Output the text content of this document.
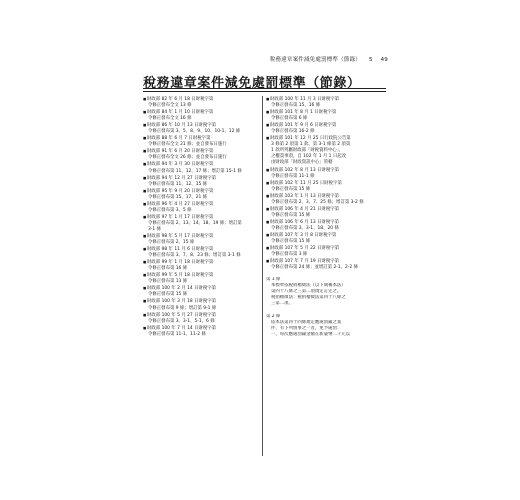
稅務違章案件減免處罰標準（節錄） 5 49
稅務違章案件減免處罰標準（節錄）
■財政部 82 年 6 月 18 日財稅字第
令修正發布全文 13 條
■財政部 84 年 1 月 10 日財稅字第
令修正發布全文 16 條
■財政部 86 年 10 月 13 日財稅字第
令修正發布第 3、5、8、9、10、10-1、12 條
■財政部 88 年 6 月 7 日財稅字第
令修正發布全文 21 條；並自發布日施行
■財政部 91 年 6 月 20 日財稅字第
令修正發布全文 26 條；並自發布日施行
■財政部 94 年 3 月 30 日財稅字第
令修正發布第 11、12、17 條；增訂第 15-1 條
■財政部 94 年 12 月 27 日財稅字第
令修正發布第 11、12、15 條
■財政部 95 年 9 月 20 日財稅字第
令修正發布第 15、17、21 條
■財政部 96 年 4 月 27 日財稅字第
令修正發布第 3、5 條
■財政部 97 年 1 月 17 日財稅字第
令修正發布第 2、13、14、18、19 條；增訂第
3-1 條
■財政部 98 年 5 月 17 日財稅字第
令修正發布第 2、15 條
■財政部 98 年 11 月 6 日財稅字第
令修正發布第 3、7、8、23 條；增訂第 3-1 條
■財政部 99 年 1 月 18 日財稅字第
令修正發布第 16 條
■財政部 99 年 5 月 18 日財稅字第
令修正發布第 13 條
■財政部 100 年 2 月 14 日財稅字第
令修正發布第 15 條
■財政部 100 年 3 月 18 日財稅字第
令修正發布第 9 條；增訂第 9-1 條
■財政部 100 年 5 月 27 日財稅字第
令修正發布第 3、3-1、5-1、6 條
■財政部 100 年 7 月 14 日財稅字第
令修正發布第 11-1、11-2 條
■財政部 100 年 11 月 3 日財稅字第
令修正發布第 15、16 條
■財政部 101 年 8 月 1 日財稅字第
令修正發布第 6 條
■財政部 101 年 9 月 6 日財稅字第
令修正發布第 16-2 條
■財政部 101 年 12 月 25 日行政院公告第
3 條第 2 項第 1 款、第 3-1 條第 2 項第
1 款所列屬財政部「財稅資料中心」，
之權責事項，自 102 年 1 月 1 日起改
由財政部「財政資訊中心」管轄
■財政部 102 年 8 月 13 日財稅字第
令修正發布第 11-1 條
■財政部 102 年 11 月 25 日財稅字第
令修正發布第 15 條
■財政部 103 年 1 月 13 日財稅字第
令修正發布第 2、3、7、25 條；增訂第 3-2 條
■財政部 106 年 4 月 21 日財稅字第
令修正發布第 15 條
■財政部 106 年 6 月 13 日財稅字第
令修正發布第 3、3-1、18、20 條
■財政部 107 年 3 月 8 日財稅字第
令修正發布第 15 條
■財政部 107 年 5 月 22 日財稅字第
令修正發布第 3 條
■財政部 107 年 7 月 19 日財稅字第
令修正發布第 24 條；並增訂第 2-1、2-2 條
第 1 條
本標準依稅捐稽徵法（以下簡稱本法）
第四十八條之三第二項規定訂定之。
稅捐稽徵法：稅捐稽徵法第四十八條之
三第二項。
第 2 條
依本法第四十四條規定應處罰鍰之案
件，有下列情事之一者，免予處罰：
一、每次應處罰鍰金額在新臺幣二千元以
